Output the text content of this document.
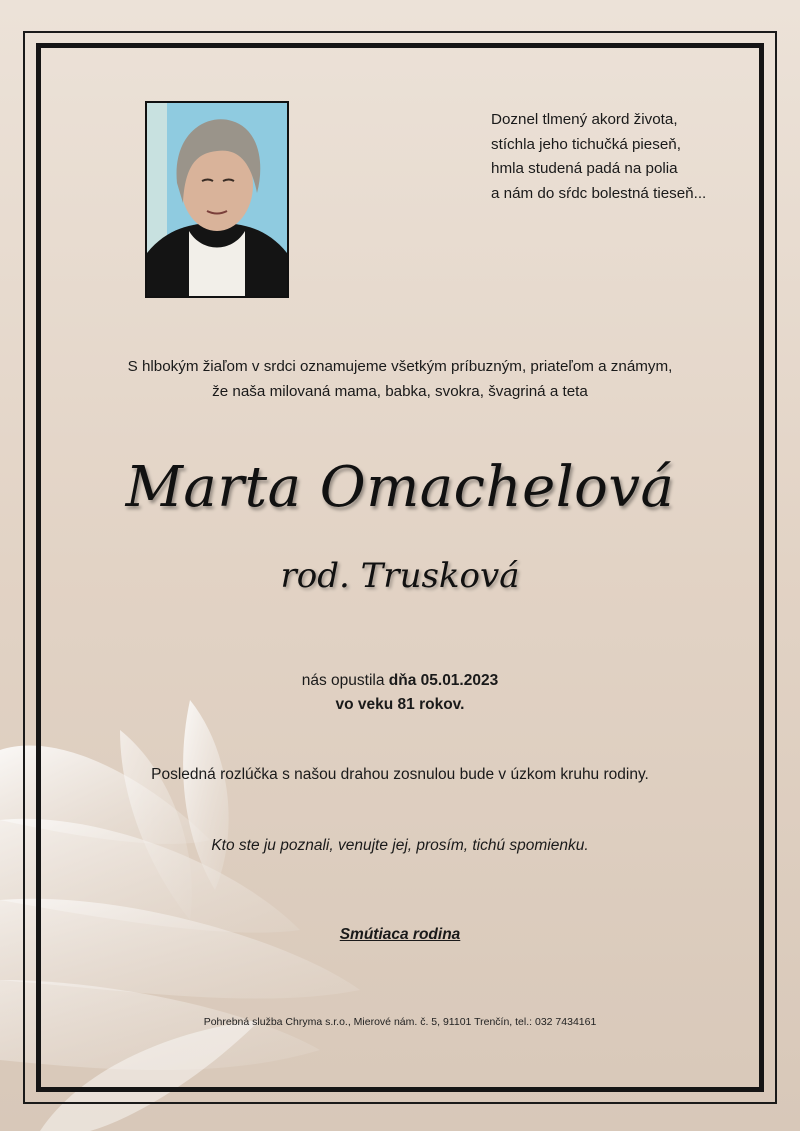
Doznel tlmený akord života,
stíchla jeho tichučká pieseň,
hmla studená padá na polia
a nám do sŕdc bolestná tieseň...
S hlbokým žiaľom v srdci oznamujeme všetkým príbuzným, priateľom a známym,
že naša milovaná mama, babka, svokra, švagriná a teta
Marta Omachelová
rod. Trusková
nás opustila dňa 05.01.2023
vo veku 81 rokov.
Posledná rozlúčka s našou drahou zosnulou bude v úzkom kruhu rodiny.
Kto ste ju poznali, venujte jej, prosím, tichú spomienku.
Smútiaca rodina
Pohrebná služba Chryma s.r.o., Mierové nám. č. 5, 91101 Trenčín, tel.: 032 7434161
